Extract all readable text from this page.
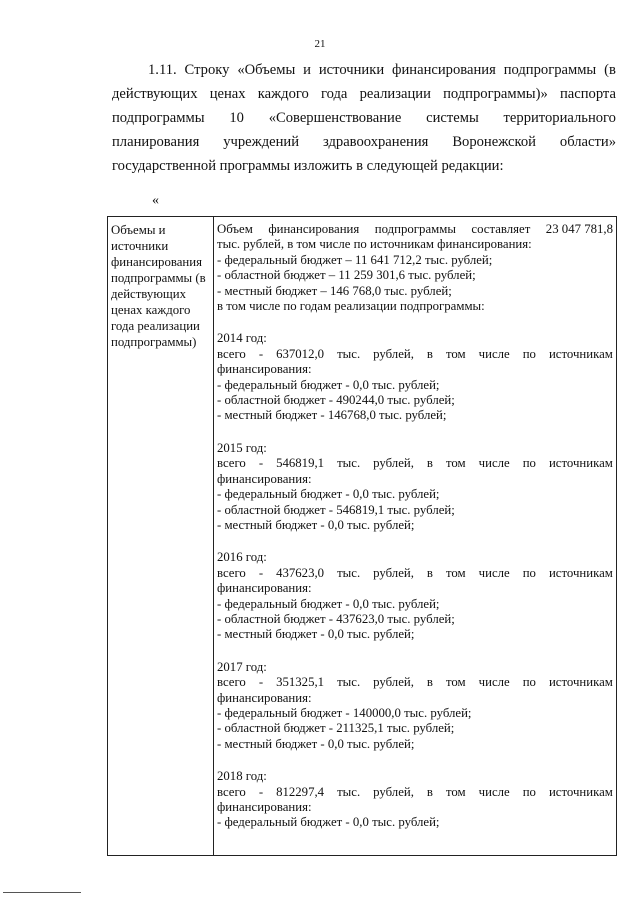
21
1.11. Строку «Объемы и источники финансирования подпрограммы (в
действующих ценах каждого года реализации подпрограммы)» паспорта
подпрограммы 10 «Совершенствование системы территориального
планирования учреждений здравоохранения Воронежской области»
государственной программы изложить в следующей редакции:
«
Объемы и
источники
финансирования
подпрограммы (в
действующих
ценах каждого
года реализации
подпрограммы)
Объем финансирования подпрограммы составляет 23 047 781,8
тыс. рублей, в том числе по источникам финансирования:
- федеральный бюджет – 11 641 712,2 тыс. рублей;
- областной бюджет – 11 259 301,6 тыс. рублей;
- местный бюджет – 146 768,0 тыс. рублей;
в том числе по годам реализации подпрограммы:
2014 год:
всего - 637012,0 тыс. рублей, в том числе по источникам
финансирования:
- федеральный бюджет - 0,0 тыс. рублей;
- областной бюджет - 490244,0 тыс. рублей;
- местный бюджет - 146768,0 тыс. рублей;
2015 год:
всего - 546819,1 тыс. рублей, в том числе по источникам
финансирования:
- федеральный бюджет - 0,0 тыс. рублей;
- областной бюджет - 546819,1 тыс. рублей;
- местный бюджет - 0,0 тыс. рублей;
2016 год:
всего - 437623,0 тыс. рублей, в том числе по источникам
финансирования:
- федеральный бюджет - 0,0 тыс. рублей;
- областной бюджет - 437623,0 тыс. рублей;
- местный бюджет - 0,0 тыс. рублей;
2017 год:
всего - 351325,1 тыс. рублей, в том числе по источникам
финансирования:
- федеральный бюджет - 140000,0 тыс. рублей;
- областной бюджет - 211325,1 тыс. рублей;
- местный бюджет - 0,0 тыс. рублей;
2018 год:
всего - 812297,4 тыс. рублей, в том числе по источникам
финансирования:
- федеральный бюджет - 0,0 тыс. рублей;
